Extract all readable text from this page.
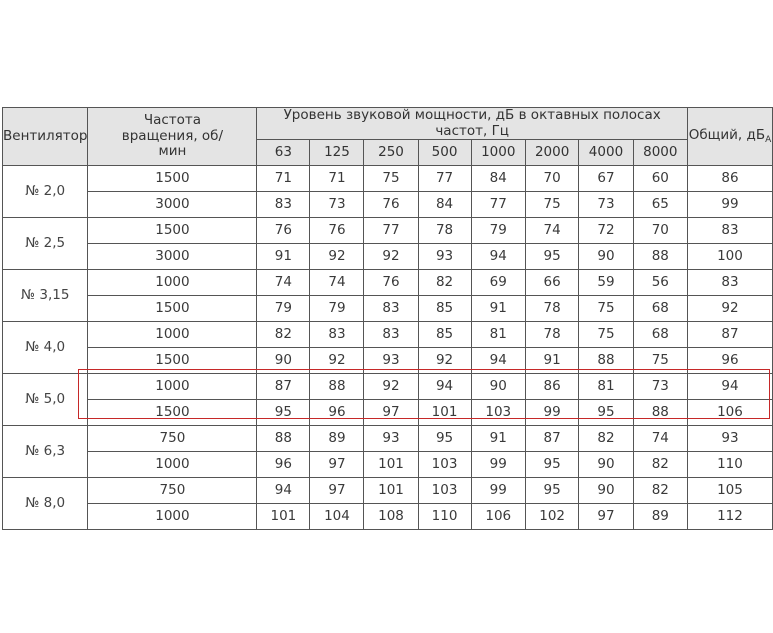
Вентилятор	Частота вращения, об/мин	Уровень звуковой мощности, дБ в октавных полосах частот, Гц								Общий, $дБ_А$
		63	125	250	500	1000	2000	4000	8000	
№ 2,0	1500	71	71	75	77	84	70	67	60	86
	3000	83	73	76	84	77	75	73	65	99
№ 2,5	1500	76	76	77	78	79	74	72	70	83
	3000	91	92	92	93	94	95	90	88	100
№ 3,15	1000	74	74	76	82	69	66	59	56	83
	1500	79	79	83	85	91	78	75	68	92
№ 4,0	1000	82	83	83	85	81	78	75	68	87
	1500	90	92	93	92	94	91	88	75	96
№ 5,0	1000	87	88	92	94	90	86	81	73	94
	1500	95	96	97	101	103	99	95	88	106
№ 6,3	750	88	89	93	95	91	87	82	74	93
	1000	96	97	101	103	99	95	90	82	110
№ 8,0	750	94	97	101	103	99	95	90	82	105
	1000	101	104	108	110	106	102	97	89	112
